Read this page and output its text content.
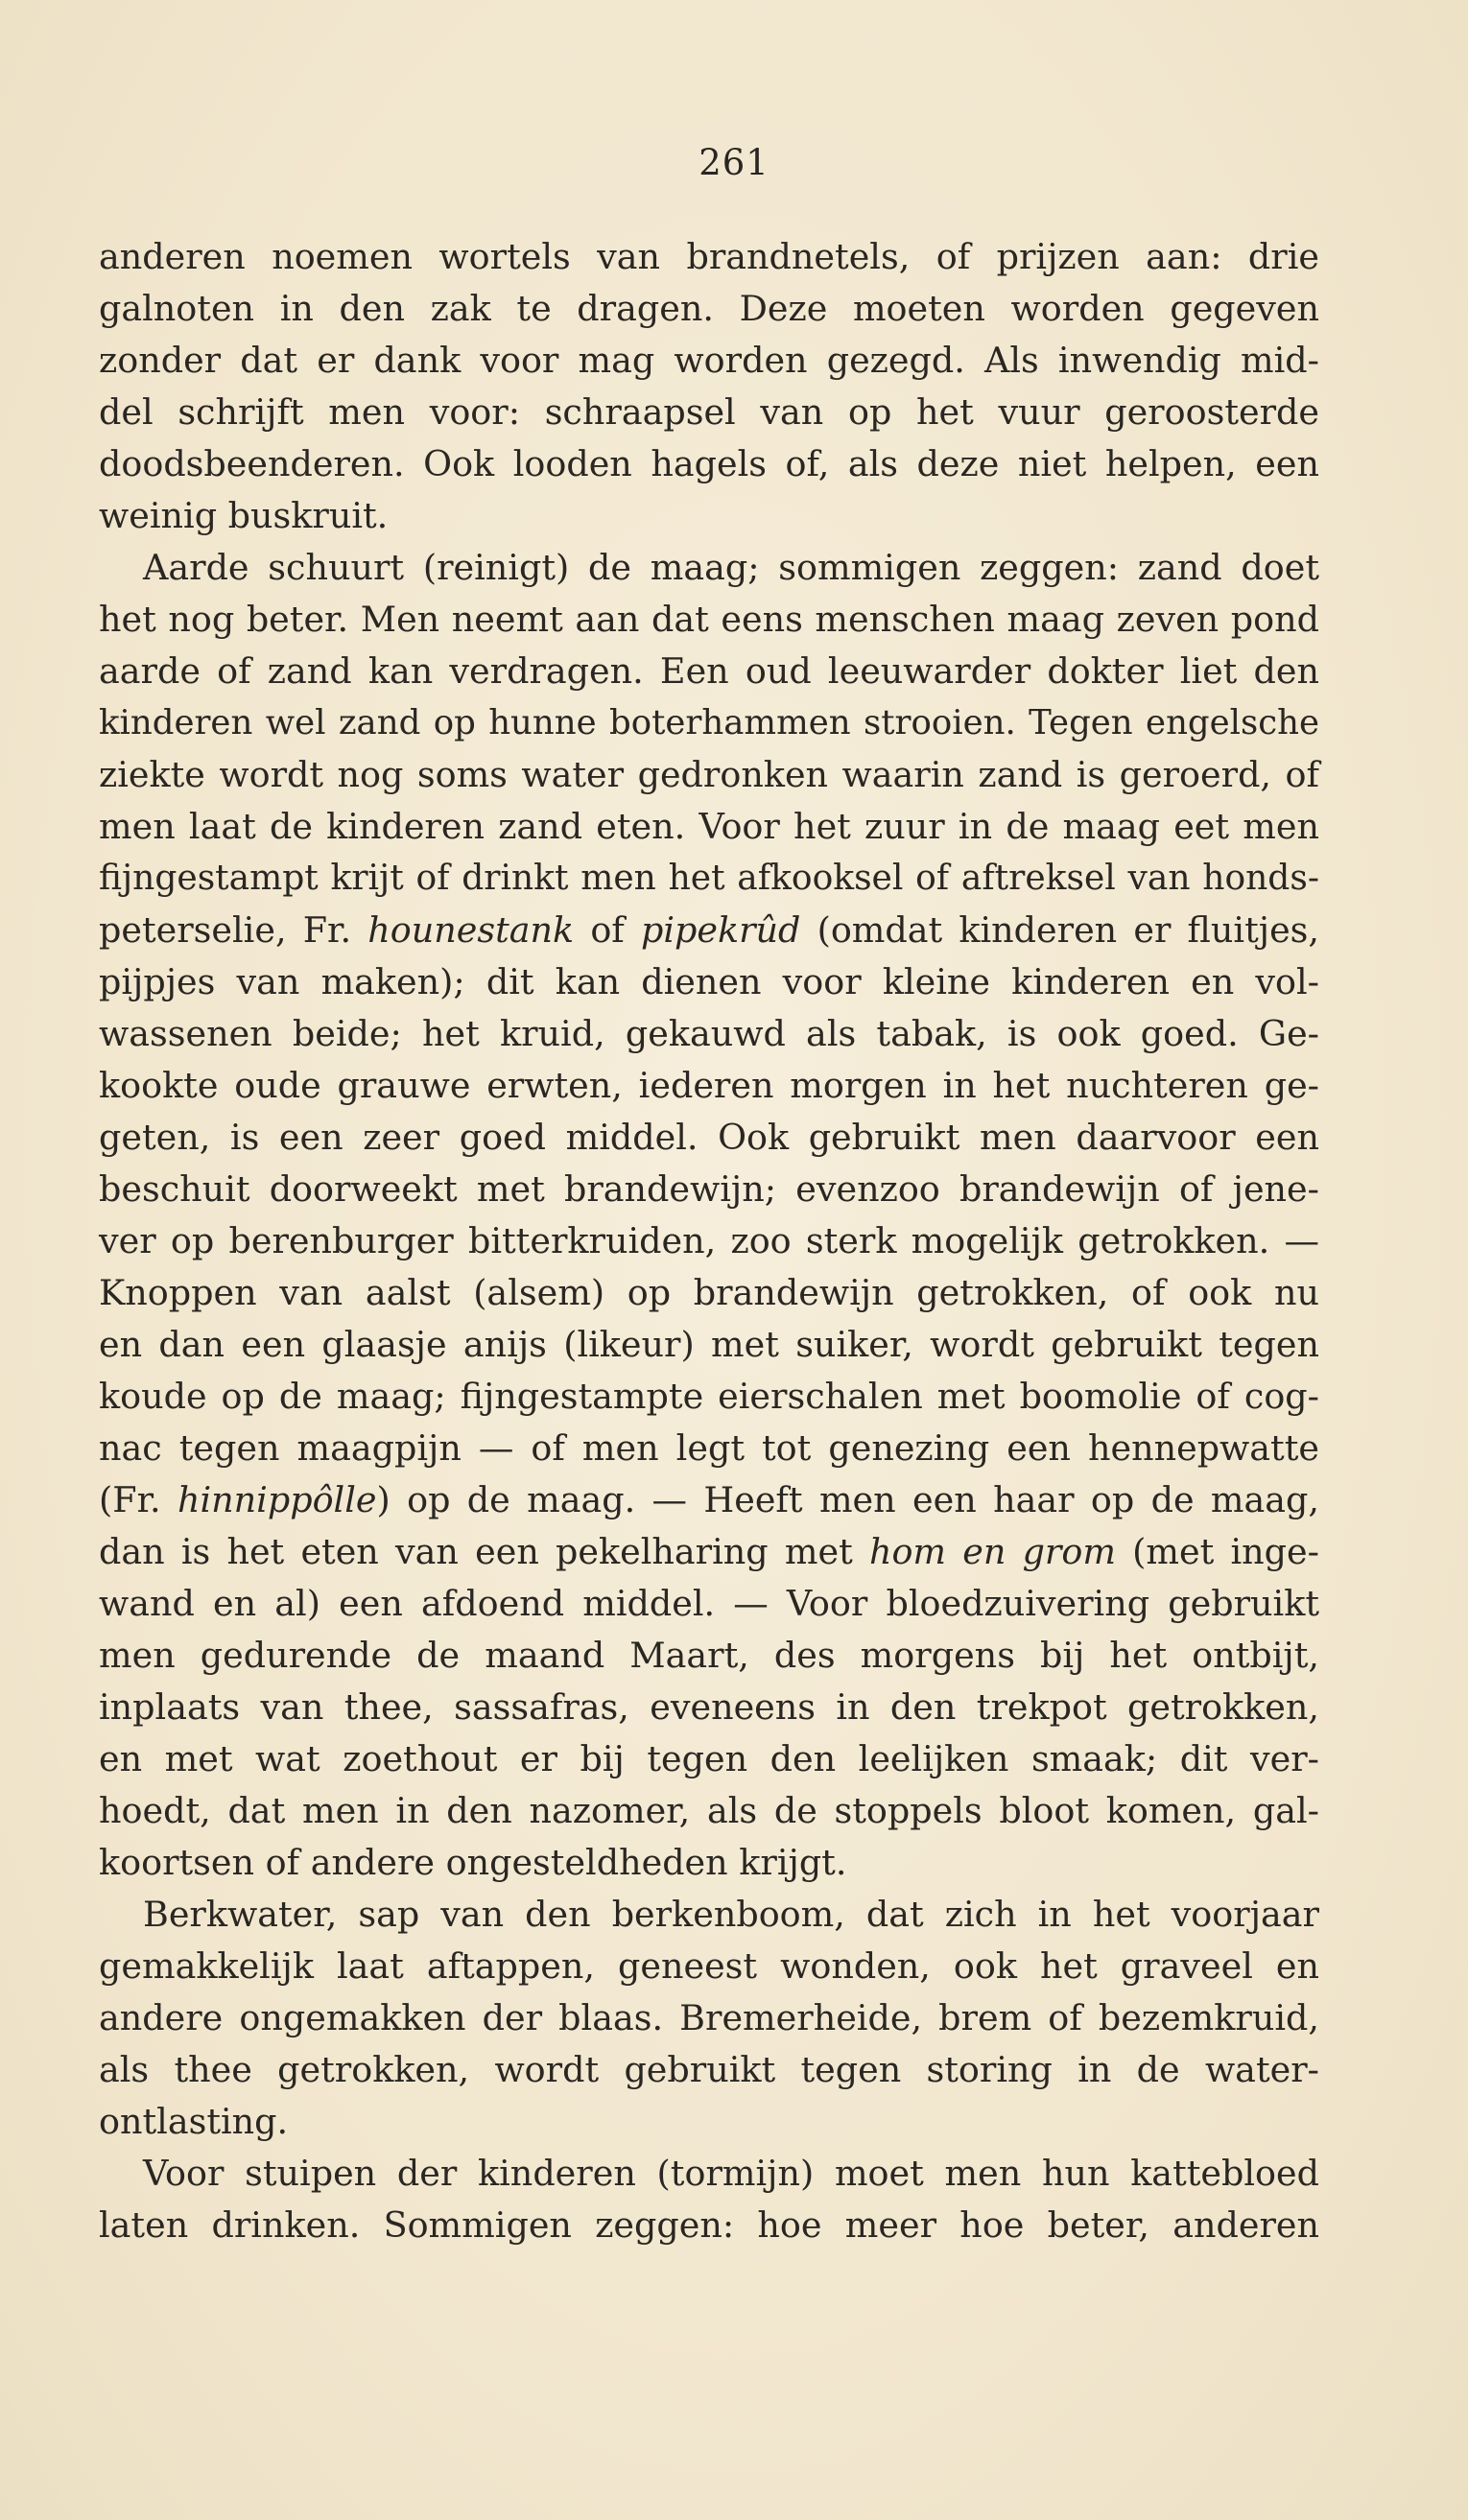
261
anderen noemen wortels van brandnetels, of prijzen aan: drie
galnoten in den zak te dragen. Deze moeten worden gegeven
zonder dat er dank voor mag worden gezegd. Als inwendig mid-
del schrijft men voor: schraapsel van op het vuur geroosterde
doodsbeenderen. Ook looden hagels of, als deze niet helpen, een
weinig buskruit.
Aarde schuurt (reinigt) de maag; sommigen zeggen: zand doet
het nog beter. Men neemt aan dat eens menschen maag zeven pond
aarde of zand kan verdragen. Een oud leeuwarder dokter liet den
kinderen wel zand op hunne boterhammen strooien. Tegen engelsche
ziekte wordt nog soms water gedronken waarin zand is geroerd, of
men laat de kinderen zand eten. Voor het zuur in de maag eet men
fijngestampt krijt of drinkt men het afkooksel of aftreksel van honds-
peterselie, Fr. hounestank of pipekrûd (omdat kinderen er fluitjes,
pijpjes van maken); dit kan dienen voor kleine kinderen en vol-
wassenen beide; het kruid, gekauwd als tabak, is ook goed. Ge-
kookte oude grauwe erwten, iederen morgen in het nuchteren ge-
geten, is een zeer goed middel. Ook gebruikt men daarvoor een
beschuit doorweekt met brandewijn; evenzoo brandewijn of jene-
ver op berenburger bitterkruiden, zoo sterk mogelijk getrokken. —
Knoppen van aalst (alsem) op brandewijn getrokken, of ook nu
en dan een glaasje anijs (likeur) met suiker, wordt gebruikt tegen
koude op de maag; fijngestampte eierschalen met boomolie of cog-
nac tegen maagpijn — of men legt tot genezing een hennepwatte
(Fr. hinnippôlle) op de maag. — Heeft men een haar op de maag,
dan is het eten van een pekelharing met hom en grom (met inge-
wand en al) een afdoend middel. — Voor bloedzuivering gebruikt
men gedurende de maand Maart, des morgens bij het ontbijt,
inplaats van thee, sassafras, eveneens in den trekpot getrokken,
en met wat zoethout er bij tegen den leelijken smaak; dit ver-
hoedt, dat men in den nazomer, als de stoppels bloot komen, gal-
koortsen of andere ongesteldheden krijgt.
Berkwater, sap van den berkenboom, dat zich in het voorjaar
gemakkelijk laat aftappen, geneest wonden, ook het graveel en
andere ongemakken der blaas. Bremerheide, brem of bezemkruid,
als thee getrokken, wordt gebruikt tegen storing in de water-
ontlasting.
Voor stuipen der kinderen (tormijn) moet men hun kattebloed
laten drinken. Sommigen zeggen: hoe meer hoe beter, anderen
